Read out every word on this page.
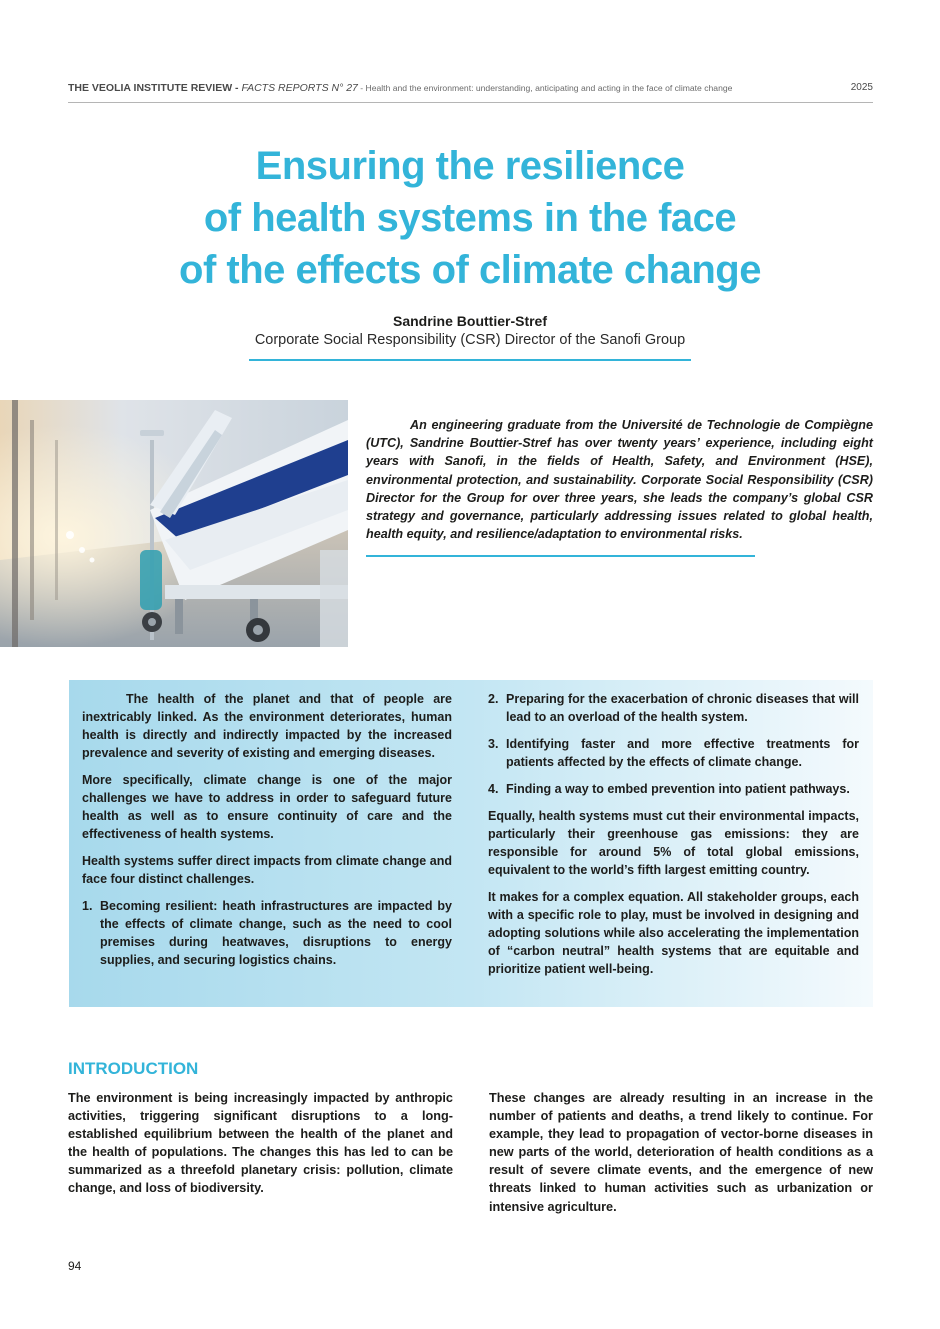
THE VEOLIA INSTITUTE REVIEW - FACTS REPORTS N° 27 - Health and the environment: understanding, anticipating and acting in the face of climate change	2025
Ensuring the resilience
of health systems in the face
of the effects of climate change
Sandrine Bouttier-Stref
Corporate Social Responsibility (CSR) Director of the Sanofi Group

An engineering graduate from the Université de Technologie de Compiègne (UTC), Sandrine Bouttier-Stref has over twenty years’ experience, including eight years with Sanofi, in the fields of Health, Safety, and Environment (HSE), environmental protection, and sustainability. Corporate Social Responsibility (CSR) Director for the Group for over three years, she leads the company’s global CSR strategy and governance, particularly addressing issues related to global health, health equity, and resilience/adaptation to environmental risks.

The health of the planet and that of people are inextricably linked. As the environment deteriorates, human health is directly and indirectly impacted by the increased prevalence and severity of existing and emerging diseases.

More specifically, climate change is one of the major challenges we have to address in order to safeguard future health as well as to ensure continuity of care and the effectiveness of health systems.

Health systems suffer direct impacts from climate change and face four distinct challenges.

1. Becoming resilient: heath infrastructures are impacted by the effects of climate change, such as the need to cool premises during heatwaves, disruptions to energy supplies, and securing logistics chains.
2. Preparing for the exacerbation of chronic diseases that will lead to an overload of the health system.
3. Identifying faster and more effective treatments for patients affected by the effects of climate change.
4. Finding a way to embed prevention into patient pathways.

Equally, health systems must cut their environmental impacts, particularly their greenhouse gas emissions: they are responsible for around 5% of total global emissions, equivalent to the world’s fifth largest emitting country.

It makes for a complex equation. All stakeholder groups, each with a specific role to play, must be involved in designing and adopting solutions while also accelerating the implementation of “carbon neutral” health systems that are equitable and prioritize patient well-being.

INTRODUCTION

The environment is being increasingly impacted by anthropic activities, triggering significant disruptions to a long-established equilibrium between the health of the planet and the health of populations. The changes this has led to can be summarized as a threefold planetary crisis: pollution, climate change, and loss of biodiversity.

These changes are already resulting in an increase in the number of patients and deaths, a trend likely to continue. For example, they lead to propagation of vector-borne diseases in new parts of the world, deterioration of health conditions as a result of severe climate events, and the emergence of new threats linked to human activities such as urbanization or intensive agriculture.

94
